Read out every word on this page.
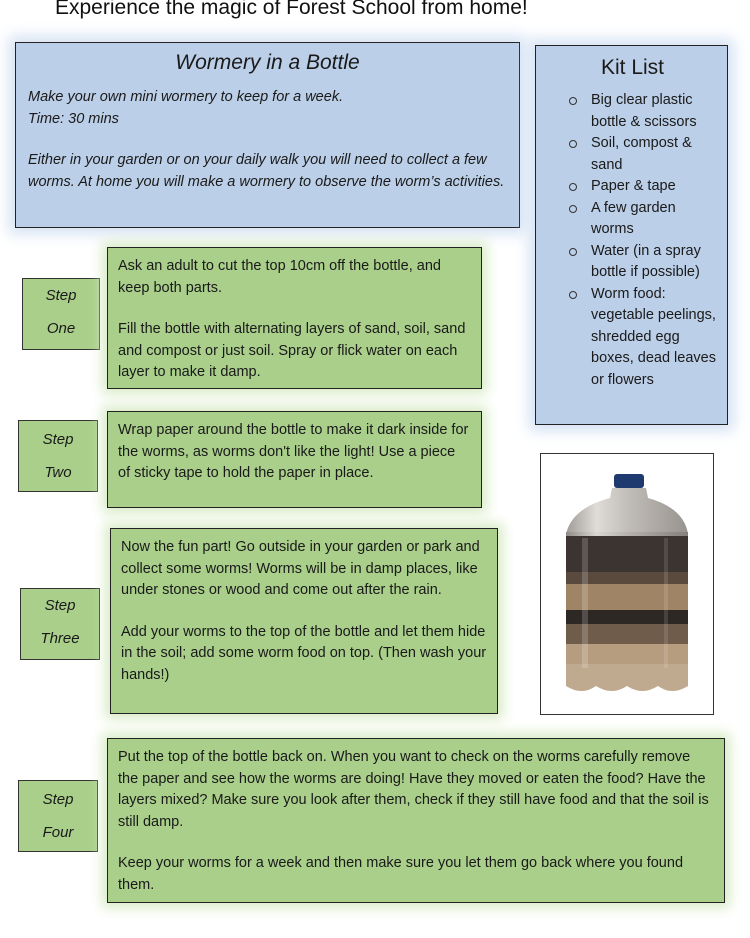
Experience the magic of Forest School from home!
Wormery in a Bottle

Make your own mini wormery to keep for a week.

Time: 30 mins

Either in your garden or on your daily walk you will need to collect a few worms. At home you will make a wormery to observe the worm’s activities.

Kit List
Big clear plastic bottle & scissors
Soil, compost & sand
Paper & tape
A few garden worms
Water (in a spray bottle if possible)
Worm food: vegetable peelings, shredded egg boxes, dead leaves or flowers
Step
One

Ask an adult to cut the top 10cm off the bottle, and keep both parts.

Fill the bottle with alternating layers of sand, soil, sand and compost or just soil. Spray or flick water on each layer to make it damp.

Step
Two

Wrap paper around the bottle to make it dark inside for the worms, as worms don't like the light! Use a piece of sticky tape to hold the paper in place.

Step
Three

Now the fun part! Go outside in your garden or park and collect some worms! Worms will be in damp places, like under stones or wood and come out after the rain.

Add your worms to the top of the bottle and let them hide in the soil; add some worm food on top. (Then wash your hands!)

Step
Four

Put the top of the bottle back on. When you want to check on the worms carefully remove the paper and see how the worms are doing! Have they moved or eaten the food? Have the layers mixed? Make sure you look after them, check if they still have food and that the soil is still damp.

Keep your worms for a week and then make sure you let them go back where you found them.
